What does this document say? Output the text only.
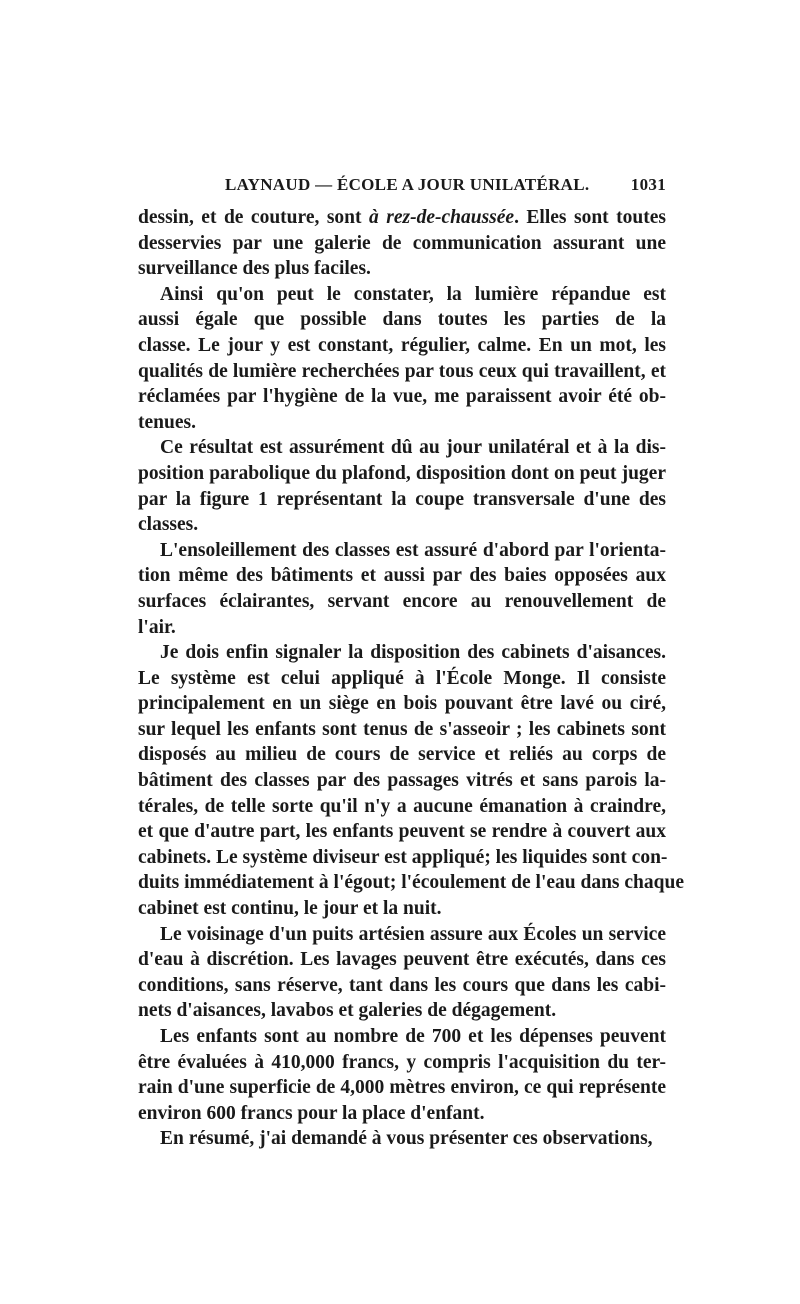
LAYNAUD — ÉCOLE A JOUR UNILATÉRAL. 1031

dessin, et de couture, sont à rez-de-chaussée. Elles sont toutes
desservies par une galerie de communication assurant une
surveillance des plus faciles.

Ainsi qu'on peut le constater, la lumière répandue est
aussi égale que possible dans toutes les parties de la
classe. Le jour y est constant, régulier, calme. En un mot, les
qualités de lumière recherchées par tous ceux qui travaillent, et
réclamées par l'hygiène de la vue, me paraissent avoir été ob-
tenues.

Ce résultat est assurément dû au jour unilatéral et à la dis-
position parabolique du plafond, disposition dont on peut juger
par la figure 1 représentant la coupe transversale d'une des
classes.

L'ensoleillement des classes est assuré d'abord par l'orienta-
tion même des bâtiments et aussi par des baies opposées aux
surfaces éclairantes, servant encore au renouvellement de
l'air.

Je dois enfin signaler la disposition des cabinets d'aisances.
Le système est celui appliqué à l'École Monge. Il consiste
principalement en un siège en bois pouvant être lavé ou ciré,
sur lequel les enfants sont tenus de s'asseoir ; les cabinets sont
disposés au milieu de cours de service et reliés au corps de
bâtiment des classes par des passages vitrés et sans parois la-
térales, de telle sorte qu'il n'y a aucune émanation à craindre,
et que d'autre part, les enfants peuvent se rendre à couvert aux
cabinets. Le système diviseur est appliqué; les liquides sont con-
duits immédiatement à l'égout; l'écoulement de l'eau dans chaque
cabinet est continu, le jour et la nuit.

Le voisinage d'un puits artésien assure aux Écoles un service
d'eau à discrétion. Les lavages peuvent être exécutés, dans ces
conditions, sans réserve, tant dans les cours que dans les cabi-
nets d'aisances, lavabos et galeries de dégagement.

Les enfants sont au nombre de 700 et les dépenses peuvent
être évaluées à 410,000 francs, y compris l'acquisition du ter-
rain d'une superficie de 4,000 mètres environ, ce qui représente
environ 600 francs pour la place d'enfant.

En résumé, j'ai demandé à vous présenter ces observations,
